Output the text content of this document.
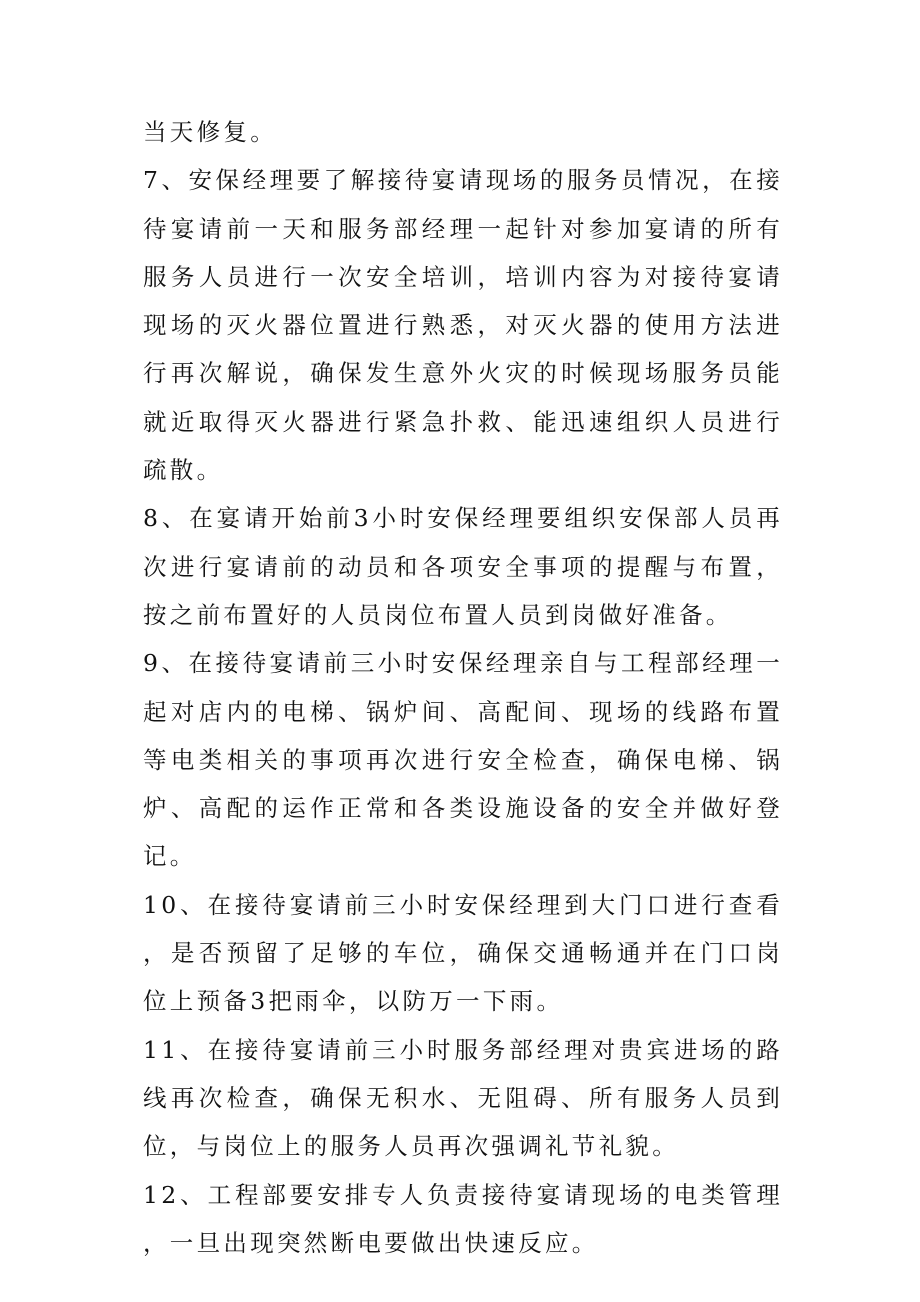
当天修复。

7、安保经理要了解接待宴请现场的服务员情况，在接待宴请前一天和服务部经理一起针对参加宴请的所有服务人员进行一次安全培训，培训内容为对接待宴请现场的灭火器位置进行熟悉，对灭火器的使用方法进行再次解说，确保发生意外火灾的时候现场服务员能就近取得灭火器进行紧急扑救、能迅速组织人员进行疏散。

8、在宴请开始前3小时安保经理要组织安保部人员再次进行宴请前的动员和各项安全事项的提醒与布置，按之前布置好的人员岗位布置人员到岗做好准备。

9、在接待宴请前三小时安保经理亲自与工程部经理一起对店内的电梯、锅炉间、高配间、现场的线路布置等电类相关的事项再次进行安全检查，确保电梯、锅炉、高配的运作正常和各类设施设备的安全并做好登记。

10、在接待宴请前三小时安保经理到大门口进行查看，是否预留了足够的车位，确保交通畅通并在门口岗位上预备3把雨伞，以防万一下雨。

11、在接待宴请前三小时服务部经理对贵宾进场的路线再次检查，确保无积水、无阻碍、所有服务人员到位，与岗位上的服务人员再次强调礼节礼貌。

12、工程部要安排专人负责接待宴请现场的电类管理，一旦出现突然断电要做出快速反应。
